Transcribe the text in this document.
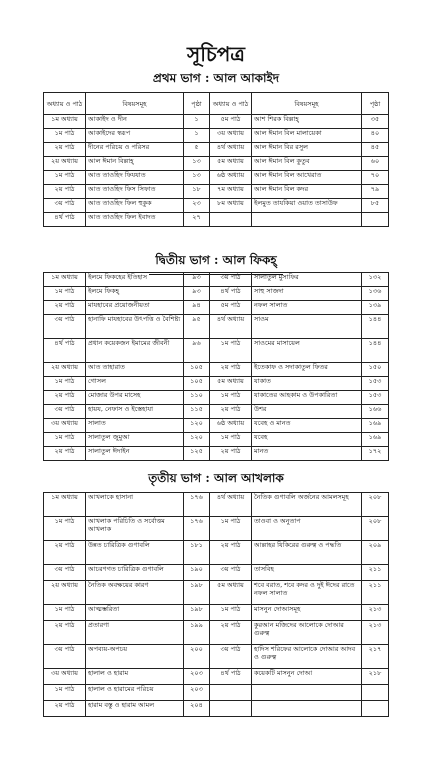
সূচিপত্র
প্রথম ভাগ : আল আকাইদ
অধ্যায় ও পাঠ	বিষয়সমূহ	পৃষ্ঠা	অধ্যায় ও পাঠ	বিষয়সমূহ	পৃষ্ঠা
১ম অধ্যায়	আকাইদ ও দীন	১	৫ম পাঠ	আশ শিরক বিল্লাহ্	৩৫
১ম পাঠ	আকাইদের স্বরূপ	১	৩য় অধ্যায়	আল ঈমান বিল মালায়েকা	৪০
২য় পাঠ	দীনের পরিচয় ও পরিসর	৫	৪র্থ অধ্যায়	আল ঈমান বির রসুল	৪৫
২য় অধ্যায়	আল ঈমান বিল্লাহ্	১৩	৫ম অধ্যায়	আল ঈমান বিল কুতুব	৬০
১ম পাঠ	আত তাওহিদ ফিযযাত	১৩	৬ষ্ঠ অধ্যায়	আল ঈমান বিল আখেরাত	৭০
২য় পাঠ	আত তাওহিদ ফিস সিফাত	১৮	৭ম অধ্যায়	আল ঈমান বিল কদর	৭৯
৩য় পাঠ	আত তাওহিদ ফিল হুকুক	২৩	৮ম অধ্যায়	ইলমুত তাযকিয়া ওয়াত তাসাউফ	৮৫
৪র্থ পাঠ	আত তাওহিদ ফিল ইবাদত	২৭			
দ্বিতীয় ভাগ : আল ফিকহ্
১ম অধ্যায়	ইলমে ফিকহের ইতিহাস	৯৩	৩য় পাঠ	সালাতুল মুসাফির	১৩২
১ম পাঠ	ইলমে ফিকহ্	৯৩	৪র্থ পাঠ	সাহু সাজদা	১৩৬
২য় পাঠ	মাযহাবের প্রয়োজনীয়তা	৯৪	৫ম পাঠ	নফল সালাত	১৩৯
৩য় পাঠ	হানাফি মাযহাবের উৎপত্তি ও বৈশিষ্ট্য	৯৫	৪র্থ অধ্যায়	সাওম	১৪৪
৪র্থ পাঠ	প্রধান কয়েকজন ইমামের জীবনী	৯৬	১ম পাঠ	সাওমের মাসায়েল	১৪৪
২য় অধ্যায়	আত তাহারাত	১০৫	২য় পাঠ	ইতেকাফ ও সদাকাতুল ফিতর	১৫০
১ম পাঠ	গোসল	১০৫	৫ম অধ্যায়	যাকাত	১৫৩
২য় পাঠ	মোজার উপর মাসেহ	১১০	১ম পাঠ	যাকাতের আহকাম ও উপকারিতা	১৫৩
৩য় পাঠ	হায়য, নেফাস ও ইস্তেহাযা	১১৫	২য় পাঠ	উশর	১৬৬
৩য় অধ্যায়	সালাত	১২০	৬ষ্ঠ অধ্যায়	যবেহ ও মানত	১৬৯
১ম পাঠ	সালাতুল জুমুআ	১২০	১ম পাঠ	যবেহ	১৬৯
২য় পাঠ	সালাতুল ঈদাইন	১২৫	২য় পাঠ	মানত	১৭২
তৃতীয় ভাগ : আল আখলাক
১ম অধ্যায়	আখলাকে হাসানা	১৭৬	৪র্থ অধ্যায়	নৈতিক গুণাবলি অর্জনের আমলসমূহ	২০৮
১ম পাঠ	আখলাক পরিচিতি ও সর্বোত্তম আখলাক	১৭৬	১ম পাঠ	তাওবা ও অনুতাপ	২০৮
২য় পাঠ	উন্নত চারিত্রিক গুণাবলি	১৮১	২য় পাঠ	আল্লাহর যিকিরের গুরুত্ব ও পদ্ধতি	২০৯
৩য় পাঠ	আচরণগত চারিত্রিক গুণাবলি	১৯০	৩য় পাঠ	তাসবিহ	২১১
২য় অধ্যায়	নৈতিক অবক্ষয়ের কারণ	১৯৮	৫ম অধ্যায়	শবে বরাত, শবে কদর ও দুই ঈদের রাতে নফল সালাত	২১১
১ম পাঠ	আত্মম্ভরিতা	১৯৮	১ম পাঠ	মাসনুন দোআসমূহ	২১৩
২য় পাঠ	প্রতারণা	১৯৯	২য় পাঠ	কুরআন মজিদের আলোকে দোআর গুরুত্ব	২১৩
৩য় পাঠ	অপব্যয়-অপচয়	২০০	৩য় পাঠ	হাদিস শরিফের আলোকে দোআর আদব ও গুরুত্ব	২১৭
৩য় অধ্যায়	হালাল ও হারাম	২০৩	৪র্থ পাঠ	কয়েকটি মাসনুন দোআ	২১৮
১ম পাঠ	হালাল ও হারামের পরিচয়	২০৩			
২য় পাঠ	হারাম বস্তু ও হারাম আমল	২০৪			
